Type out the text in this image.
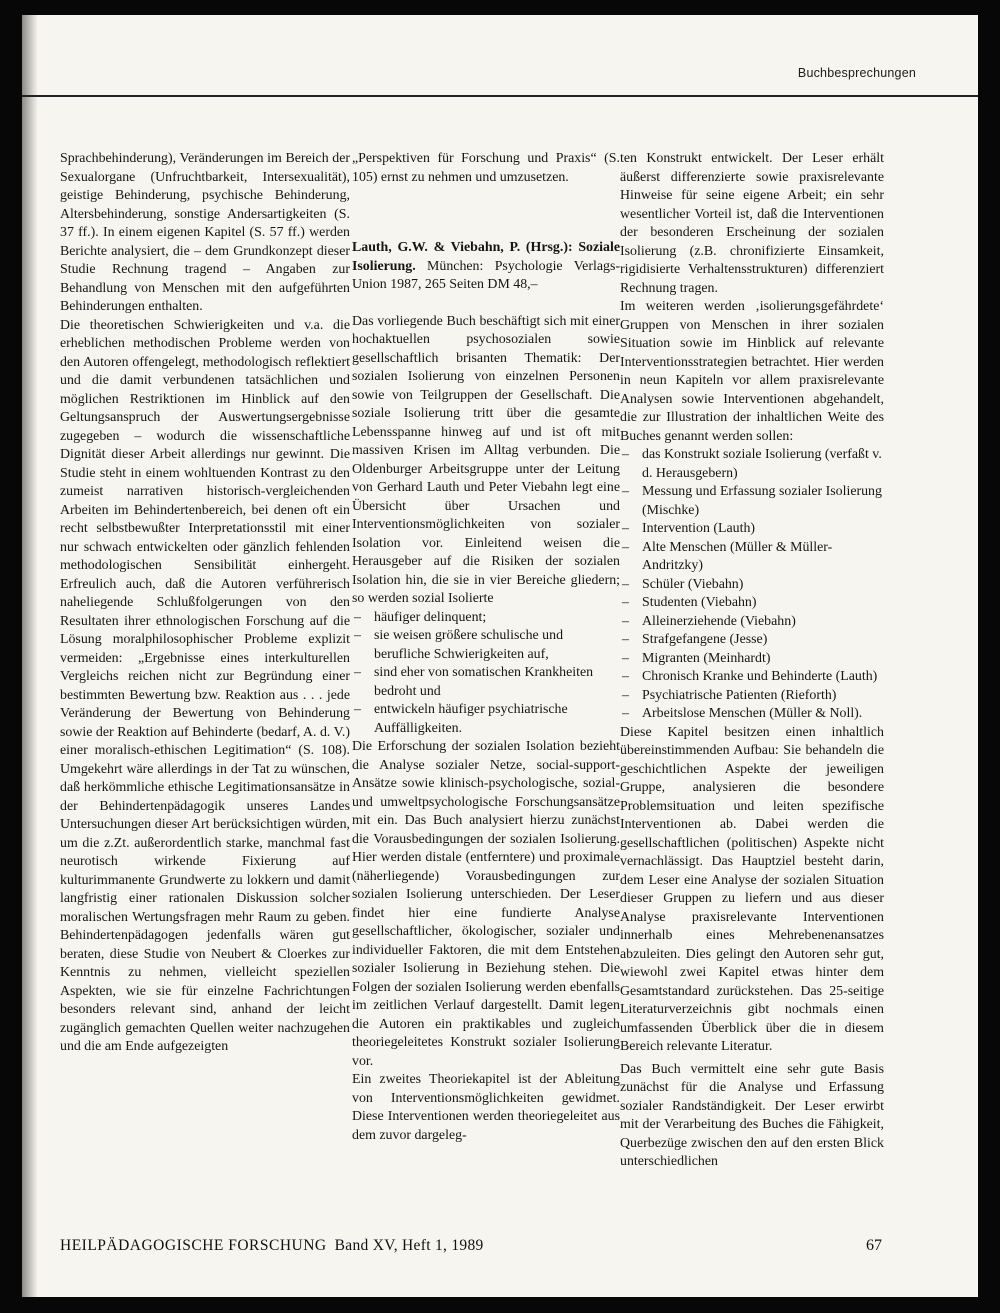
Buchbesprechungen

Sprachbehinderung), Veränderungen im Bereich der Sexualorgane (Unfruchtbarkeit, Intersexualität), geistige Behinderung, psychische Behinderung, Altersbehinderung, sonstige Andersartigkeiten (S. 37 ff.). In einem eigenen Kapitel (S. 57 ff.) werden Berichte analysiert, die – dem Grundkonzept dieser Studie Rechnung tragend – Angaben zur Behandlung von Menschen mit den aufgeführten Behinderungen enthalten.

Die theoretischen Schwierigkeiten und v.a. die erheblichen methodischen Probleme werden von den Autoren offengelegt, methodologisch reflektiert und die damit verbundenen tatsächlichen und möglichen Restriktionen im Hinblick auf den Geltungsanspruch der Auswertungsergebnisse zugegeben – wodurch die wissenschaftliche Dignität dieser Arbeit allerdings nur gewinnt. Die Studie steht in einem wohltuenden Kontrast zu den zumeist narrativen historisch-vergleichenden Arbeiten im Behindertenbereich, bei denen oft ein recht selbstbewußter Interpretationsstil mit einer nur schwach entwickelten oder gänzlich fehlenden methodologischen Sensibilität einhergeht. Erfreulich auch, daß die Autoren verführerisch naheliegende Schlußfolgerungen von den Resultaten ihrer ethnologischen Forschung auf die Lösung moralphilosophischer Probleme explizit vermeiden: „Ergebnisse eines interkulturellen Vergleichs reichen nicht zur Begründung einer bestimmten Bewertung bzw. Reaktion aus . . . jede Veränderung der Bewertung von Behinderung sowie der Reaktion auf Behinderte (bedarf, A. d. V.) einer moralisch-ethischen Legitimation“ (S. 108). Umgekehrt wäre allerdings in der Tat zu wünschen, daß herkömmliche ethische Legitimationsansätze in der Behindertenpädagogik unseres Landes Untersuchungen dieser Art berücksichtigen würden, um die z.Zt. außerordentlich starke, manchmal fast neurotisch wirkende Fixierung auf kulturimmanente Grundwerte zu lokkern und damit langfristig einer rationalen Diskussion solcher moralischen Wertungsfragen mehr Raum zu geben. Behindertenpädagogen jedenfalls wären gut beraten, diese Studie von Neubert & Cloerkes zur Kenntnis zu nehmen, vielleicht speziellen Aspekten, wie sie für einzelne Fachrichtungen besonders relevant sind, anhand der leicht zugänglich gemachten Quellen weiter nachzugehen und die am Ende aufgezeigten

„Perspektiven für Forschung und Praxis“ (S. 105) ernst zu nehmen und umzusetzen.

Lauth, G.W. & Viebahn, P. (Hrsg.): Soziale Isolierung. München: Psychologie Verlags-Union 1987, 265 Seiten DM 48,–

Das vorliegende Buch beschäftigt sich mit einer hochaktuellen psychosozialen sowie gesellschaftlich brisanten Thematik: Der sozialen Isolierung von einzelnen Personen sowie von Teilgruppen der Gesellschaft. Die soziale Isolierung tritt über die gesamte Lebensspanne hinweg auf und ist oft mit massiven Krisen im Alltag verbunden. Die Oldenburger Arbeitsgruppe unter der Leitung von Gerhard Lauth und Peter Viebahn legt eine Übersicht über Ursachen und Interventionsmöglichkeiten von sozialer Isolation vor. Einleitend weisen die Herausgeber auf die Risiken der sozialen Isolation hin, die sie in vier Bereiche gliedern; so werden sozial Isolierte

– häufiger delinquent;
– sie weisen größere schulische und berufliche Schwierigkeiten auf,
– sind eher von somatischen Krankheiten bedroht und
– entwickeln häufiger psychiatrische Auffälligkeiten.

Die Erforschung der sozialen Isolation bezieht die Analyse sozialer Netze, social-support-Ansätze sowie klinisch-psychologische, sozial- und umweltpsychologische Forschungsansätze mit ein. Das Buch analysiert hierzu zunächst die Vorausbedingungen der sozialen Isolierung. Hier werden distale (entferntere) und proximale (näherliegende) Vorausbedingungen zur sozialen Isolierung unterschieden. Der Leser findet hier eine fundierte Analyse gesellschaftlicher, ökologischer, sozialer und individueller Faktoren, die mit dem Entstehen sozialer Isolierung in Beziehung stehen. Die Folgen der sozialen Isolierung werden ebenfalls im zeitlichen Verlauf dargestellt. Damit legen die Autoren ein praktikables und zugleich theoriegeleitetes Konstrukt sozialer Isolierung vor.

Ein zweites Theoriekapitel ist der Ableitung von Interventionsmöglichkeiten gewidmet. Diese Interventionen werden theoriegeleitet aus dem zuvor dargeleg-

ten Konstrukt entwickelt. Der Leser erhält äußerst differenzierte sowie praxisrelevante Hinweise für seine eigene Arbeit; ein sehr wesentlicher Vorteil ist, daß die Interventionen der besonderen Erscheinung der sozialen Isolierung (z.B. chronifizierte Einsamkeit, rigidisierte Verhaltensstrukturen) differenziert Rechnung tragen.

Im weiteren werden ‚isolierungsgefährdete‘ Gruppen von Menschen in ihrer sozialen Situation sowie im Hinblick auf relevante Interventionsstrategien betrachtet. Hier werden in neun Kapiteln vor allem praxisrelevante Analysen sowie Interventionen abgehandelt, die zur Illustration der inhaltlichen Weite des Buches genannt werden sollen:

– das Konstrukt soziale Isolierung (verfaßt v. d. Herausgebern)
– Messung und Erfassung sozialer Isolierung (Mischke)
– Intervention (Lauth)
– Alte Menschen (Müller & Müller-Andritzky)
– Schüler (Viebahn)
– Studenten (Viebahn)
– Alleinerziehende (Viebahn)
– Strafgefangene (Jesse)
– Migranten (Meinhardt)
– Chronisch Kranke und Behinderte (Lauth)
– Psychiatrische Patienten (Rieforth)
– Arbeitslose Menschen (Müller & Noll).

Diese Kapitel besitzen einen inhaltlich übereinstimmenden Aufbau: Sie behandeln die geschichtlichen Aspekte der jeweiligen Gruppe, analysieren die besondere Problemsituation und leiten spezifische Interventionen ab. Dabei werden die gesellschaftlichen (politischen) Aspekte nicht vernachlässigt. Das Hauptziel besteht darin, dem Leser eine Analyse der sozialen Situation dieser Gruppen zu liefern und aus dieser Analyse praxisrelevante Interventionen innerhalb eines Mehrebenenansatzes abzuleiten. Dies gelingt den Autoren sehr gut, wiewohl zwei Kapitel etwas hinter dem Gesamtstandard zurückstehen. Das 25-seitige Literaturverzeichnis gibt nochmals einen umfassenden Überblick über die in diesem Bereich relevante Literatur.

Das Buch vermittelt eine sehr gute Basis zunächst für die Analyse und Erfassung sozialer Randständigkeit. Der Leser erwirbt mit der Verarbeitung des Buches die Fähigkeit, Querbezüge zwischen den auf den ersten Blick unterschiedlichen

HEILPÄDAGOGISCHE FORSCHUNG Band XV, Heft 1, 1989	67
